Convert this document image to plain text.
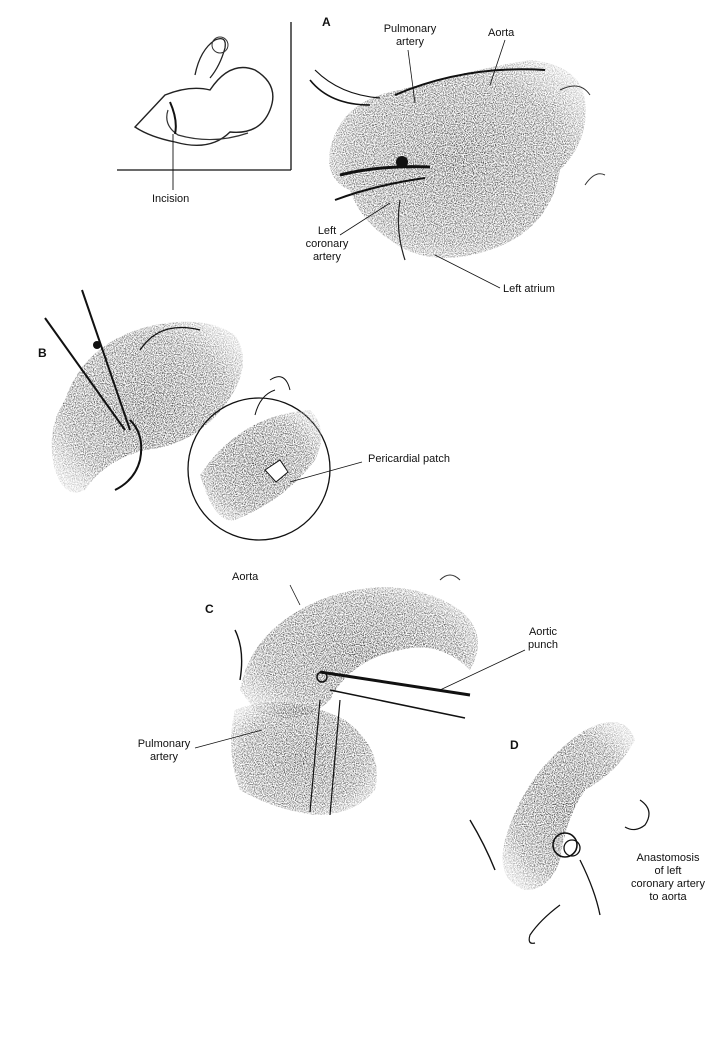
A
B
C
D
Incision
Pulmonary
artery
Aorta
Left
coronary
artery
Left atrium
Pericardial patch
Aorta
Aortic
punch
Pulmonary
artery
Anastomosis
of left
coronary artery
to aorta
